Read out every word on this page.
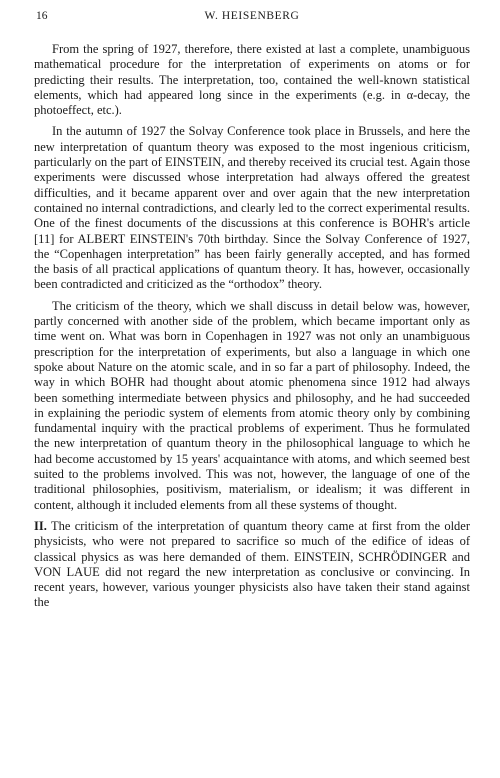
16	W. HEISENBERG

From the spring of 1927, therefore, there existed at last a complete, unambiguous mathematical procedure for the interpretation of experiments on atoms or for predicting their results. The interpretation, too, contained the well-known statistical elements, which had appeared long since in the experiments (e.g. in α-decay, the photoeffect, etc.).

In the autumn of 1927 the Solvay Conference took place in Brussels, and here the new interpretation of quantum theory was exposed to the most ingenious criticism, particularly on the part of EINSTEIN, and thereby received its crucial test. Again those experiments were discussed whose interpretation had always offered the greatest difficulties, and it became apparent over and over again that the new interpretation contained no internal contradictions, and clearly led to the correct experimental results. One of the finest documents of the discussions at this conference is BOHR's article [11] for ALBERT EINSTEIN's 70th birthday. Since the Solvay Conference of 1927, the “Copenhagen interpretation” has been fairly generally accepted, and has formed the basis of all practical applications of quantum theory. It has, however, occasionally been contradicted and criticized as the “orthodox” theory.

The criticism of the theory, which we shall discuss in detail below was, however, partly concerned with another side of the problem, which became important only as time went on. What was born in Copenhagen in 1927 was not only an unambiguous prescription for the interpretation of experiments, but also a language in which one spoke about Nature on the atomic scale, and in so far a part of philosophy. Indeed, the way in which BOHR had thought about atomic phenomena since 1912 had always been something intermediate between physics and philosophy, and he had succeeded in explaining the periodic system of elements from atomic theory only by combining fundamental inquiry with the practical problems of experiment. Thus he formulated the new interpretation of quantum theory in the philosophical language to which he had become accustomed by 15 years' acquaintance with atoms, and which seemed best suited to the problems involved. This was not, however, the language of one of the traditional philosophies, positivism, materialism, or idealism; it was different in content, although it included elements from all these systems of thought.

II. The criticism of the interpretation of quantum theory came at first from the older physicists, who were not prepared to sacrifice so much of the edifice of ideas of classical physics as was here demanded of them. EINSTEIN, SCHRÖDINGER and VON LAUE did not regard the new interpretation as conclusive or convincing. In recent years, however, various younger physicists also have taken their stand against the
